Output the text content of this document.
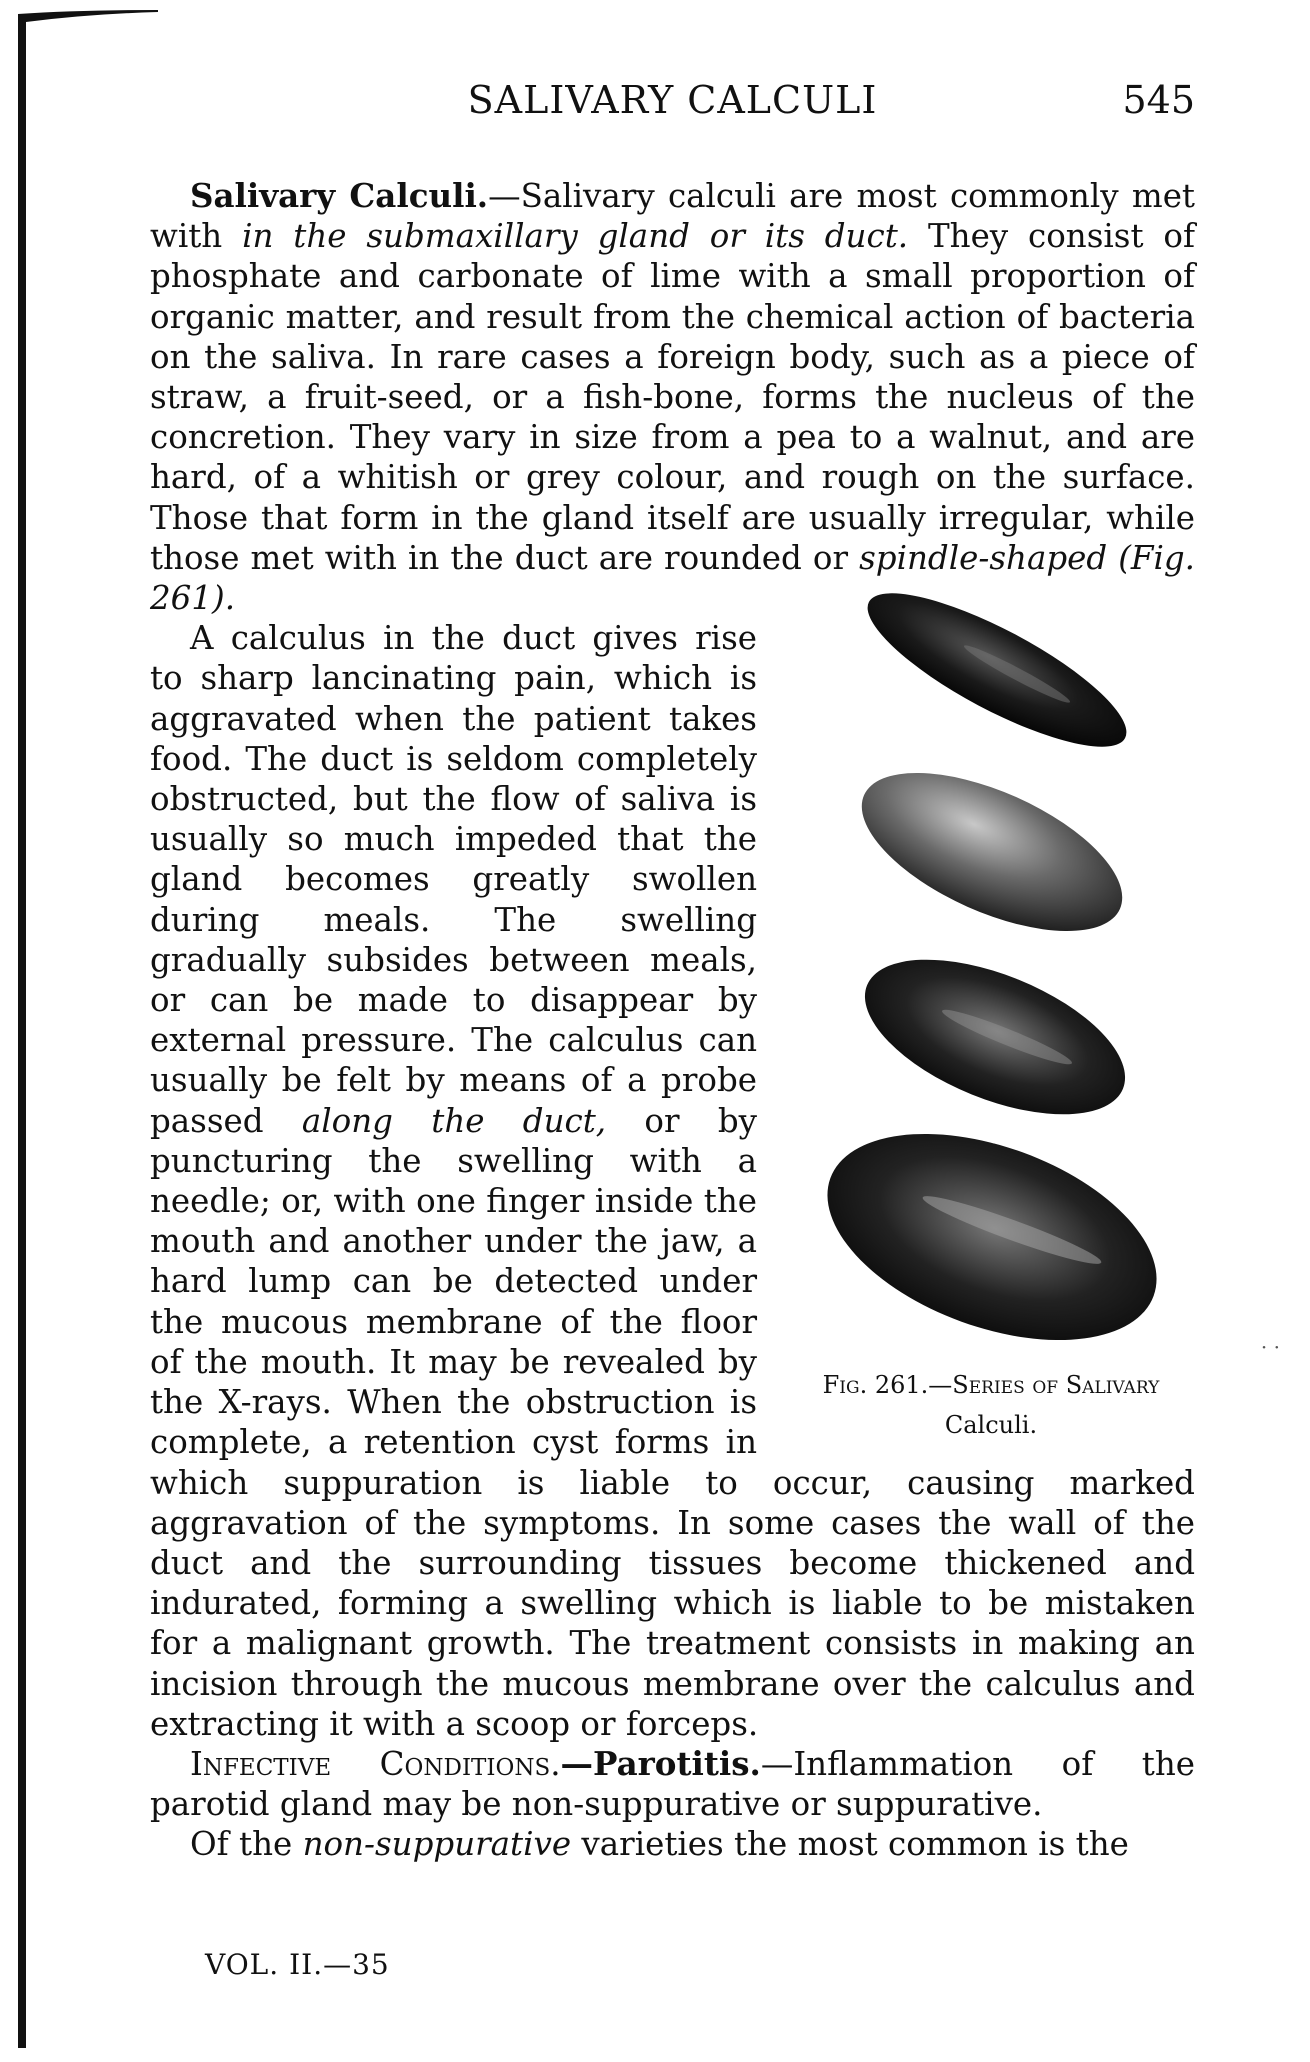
SALIVARY CALCULI	545

Salivary Calculi.—Salivary calculi are most commonly met with in the submaxillary gland or its duct. They consist of phosphate and carbonate of lime with a small proportion of organic matter, and result from the chemical action of bacteria on the saliva. In rare cases a foreign body, such as a piece of straw, a fruit-seed, or a fish-bone, forms the nucleus of the concretion. They vary in size from a pea to a walnut, and are hard, of a whitish or grey colour, and rough on the surface. Those that form in the gland itself are usually irregular, while those met with in the duct are rounded or
Fig. 261.—Series of Salivary
Calculi.
spindle-shaped (Fig. 261).

A calculus in the duct gives rise to sharp lancinating pain, which is aggravated when the patient takes food. The duct is seldom completely obstructed, but the flow of saliva is usually so much impeded that the gland becomes greatly swollen during meals. The swelling gradually subsides between meals, or can be made to disappear by external pressure. The calculus can usually be felt by means of a probe passed along the duct, or by puncturing the swelling with a needle; or, with one finger inside the mouth and another under the jaw, a hard lump can be detected under the mucous membrane of the floor of the mouth. It may be revealed by the X-rays. When the obstruction is complete, a retention cyst forms in which suppuration is liable to occur, causing marked aggravation of the symptoms. In some cases the wall of the duct and the surrounding tissues become thickened and indurated, forming a swelling which is liable to be mistaken for a malignant growth. The treatment consists in making an incision through the mucous membrane over the calculus and extracting it with a scoop or forceps.

Infective Conditions.—Parotitis.—Inflammation of the parotid gland may be non-suppurative or suppurative.

Of the non-suppurative varieties the most common is the

VOL. II.—35
· ·
